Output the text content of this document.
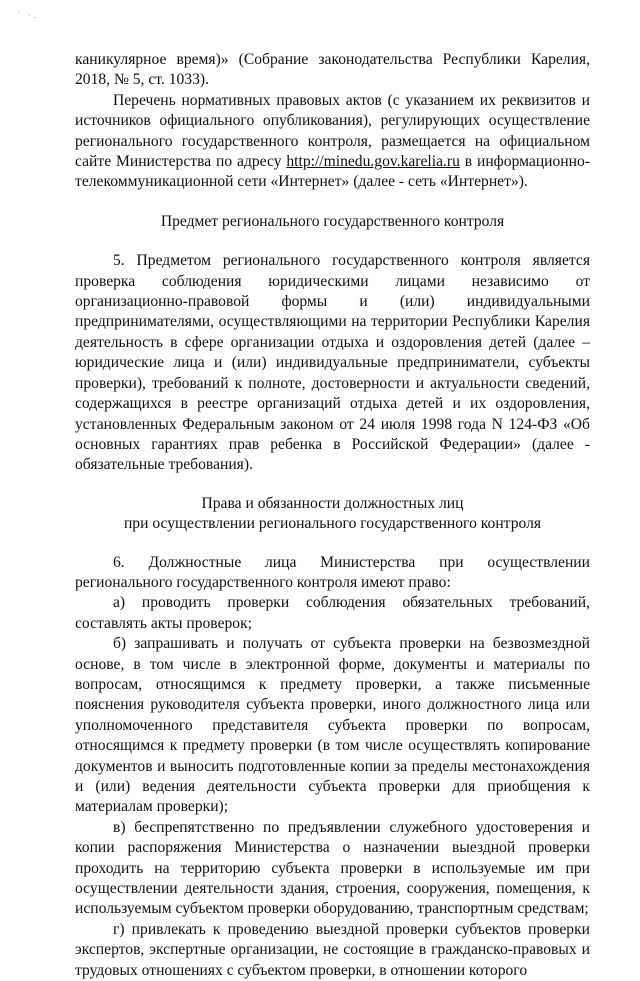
' ·.

каникулярное время)» (Собрание законодательства Республики Карелия, 2018, № 5, ст. 1033).

Перечень нормативных правовых актов (с указанием их реквизитов и источников официального опубликования), регулирующих осуществление регионального государственного контроля, размещается на официальном сайте Министерства по адресу http://minedu.gov.karelia.ru в информационно-телекоммуникационной сети «Интернет» (далее - сеть «Интернет»).

Предмет регионального государственного контроля

5. Предметом регионального государственного контроля является проверка соблюдения юридическими лицами независимо от организационно-правовой формы и (или) индивидуальными предпринимателями, осуществляющими на территории Республики Карелия деятельность в сфере организации отдыха и оздоровления детей (далее – юридические лица и (или) индивидуальные предприниматели, субъекты проверки), требований к полноте, достоверности и актуальности сведений, содержащихся в реестре организаций отдыха детей и их оздоровления, установленных Федеральным законом от 24 июля 1998 года N 124-ФЗ «Об основных гарантиях прав ребенка в Российской Федерации» (далее - обязательные требования).

Права и обязанности должностных лиц

при осуществлении регионального государственного контроля

6. Должностные лица Министерства при осуществлении регионального государственного контроля имеют право:

а) проводить проверки соблюдения обязательных требований, составлять акты проверок;

б) запрашивать и получать от субъекта проверки на безвозмездной основе, в том числе в электронной форме, документы и материалы по вопросам, относящимся к предмету проверки, а также письменные пояснения руководителя субъекта проверки, иного должностного лица или уполномоченного представителя субъекта проверки по вопросам, относящимся к предмету проверки (в том числе осуществлять копирование документов и выносить подготовленные копии за пределы местонахождения и (или) ведения деятельности субъекта проверки для приобщения к материалам проверки);

в) беспрепятственно по предъявлении служебного удостоверения и копии распоряжения Министерства о назначении выездной проверки проходить на территорию субъекта проверки в используемые им при осуществлении деятельности здания, строения, сооружения, помещения, к используемым субъектом проверки оборудованию, транспортным средствам;

г) привлекать к проведению выездной проверки субъектов проверки экспертов, экспертные организации, не состоящие в гражданско-правовых и трудовых отношениях с субъектом проверки, в отношении которого
